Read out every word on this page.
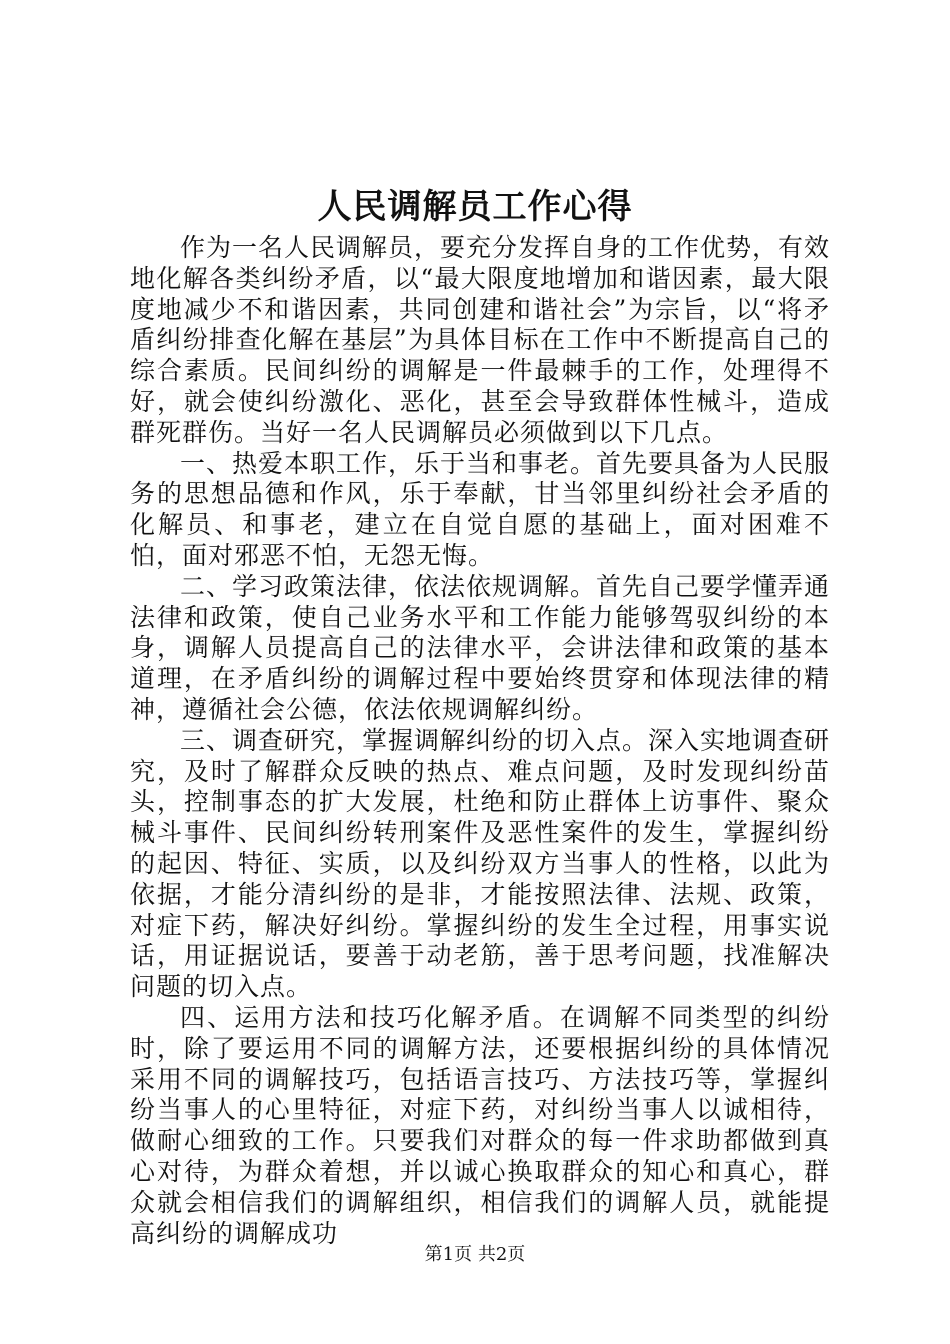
人民调解员工作心得

作为一名人民调解员，要充分发挥自身的工作优势，有效地化解各类纠纷矛盾，以“最大限度地增加和谐因素，最大限度地减少不和谐因素，共同创建和谐社会”为宗旨，以“将矛盾纠纷排查化解在基层”为具体目标在工作中不断提高自己的综合素质。民间纠纷的调解是一件最棘手的工作，处理得不好，就会使纠纷激化、恶化，甚至会导致群体性械斗，造成群死群伤。当好一名人民调解员必须做到以下几点。

一、热爱本职工作，乐于当和事老。首先要具备为人民服务的思想品德和作风，乐于奉献，甘当邻里纠纷社会矛盾的化解员、和事老，建立在自觉自愿的基础上，面对困难不怕，面对邪恶不怕，无怨无悔。

二、学习政策法律，依法依规调解。首先自己要学懂弄通法律和政策，使自己业务水平和工作能力能够驾驭纠纷的本身，调解人员提高自己的法律水平，会讲法律和政策的基本道理，在矛盾纠纷的调解过程中要始终贯穿和体现法律的精神，遵循社会公德，依法依规调解纠纷。

三、调查研究，掌握调解纠纷的切入点。深入实地调查研究，及时了解群众反映的热点、难点问题，及时发现纠纷苗头，控制事态的扩大发展，杜绝和防止群体上访事件、聚众械斗事件、民间纠纷转刑案件及恶性案件的发生，掌握纠纷的起因、特征、实质，以及纠纷双方当事人的性格，以此为依据，才能分清纠纷的是非，才能按照法律、法规、政策，对症下药，解决好纠纷。掌握纠纷的发生全过程，用事实说话，用证据说话，要善于动老筋，善于思考问题，找准解决问题的切入点。

四、运用方法和技巧化解矛盾。在调解不同类型的纠纷时，除了要运用不同的调解方法，还要根据纠纷的具体情况采用不同的调解技巧，包括语言技巧、方法技巧等，掌握纠纷当事人的心里特征，对症下药，对纠纷当事人以诚相待，做耐心细致的工作。只要我们对群众的每一件求助都做到真心对待，为群众着想，并以诚心换取群众的知心和真心，群众就会相信我们的调解组织，相信我们的调解人员，就能提高纠纷的调解成功

第1页 共2页
